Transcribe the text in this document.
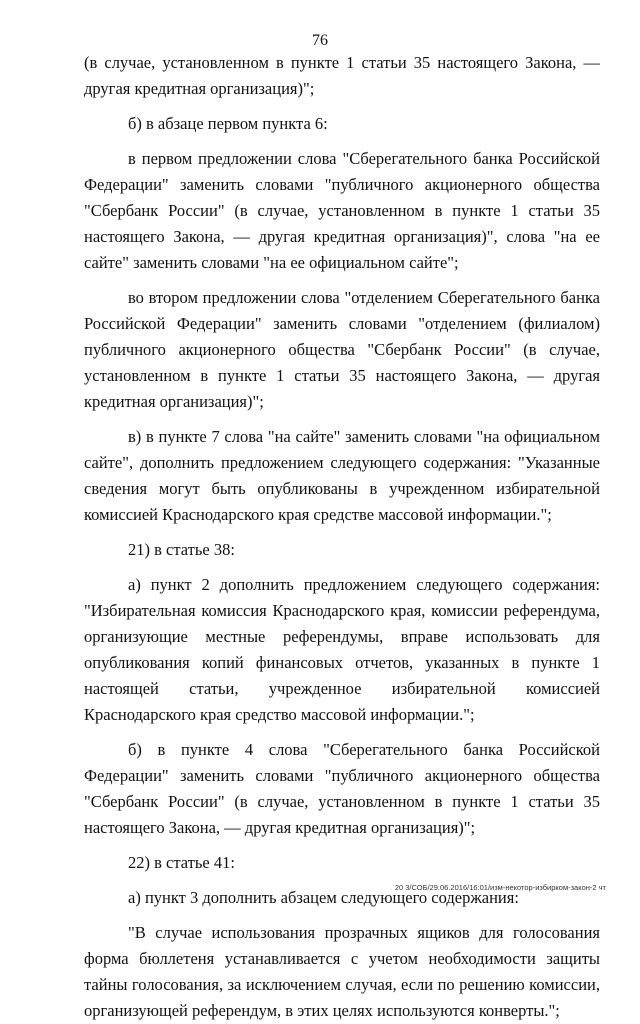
76

(в случае, установленном в пункте 1 статьи 35 настоящего Закона, — другая кредитная организация)";

б) в абзаце первом пункта 6:

в первом предложении слова "Сберегательного банка Российской Федерации" заменить словами "публичного акционерного общества "Сбербанк России" (в случае, установленном в пункте 1 статьи 35 настоящего Закона, — другая кредитная организация)", слова "на ее сайте" заменить словами "на ее официальном сайте";

во втором предложении слова "отделением Сберегательного банка Российской Федерации" заменить словами "отделением (филиалом) публичного акционерного общества "Сбербанк России" (в случае, установленном в пункте 1 статьи 35 настоящего Закона, — другая кредитная организация)";

в) в пункте 7 слова "на сайте" заменить словами "на официальном сайте", дополнить предложением следующего содержания: "Указанные сведения могут быть опубликованы в учрежденном избирательной комиссией Краснодарского края средстве массовой информации.";

21) в статье 38:

а) пункт 2 дополнить предложением следующего содержания: "Избирательная комиссия Краснодарского края, комиссии референдума, организующие местные референдумы, вправе использовать для опубликования копий финансовых отчетов, указанных в пункте 1 настоящей статьи, учрежденное избирательной комиссией Краснодарского края средство массовой информации.";

б) в пункте 4 слова "Сберегательного банка Российской Федерации" заменить словами "публичного акционерного общества "Сбербанк России" (в случае, установленном в пункте 1 статьи 35 настоящего Закона, — другая кредитная организация)";

22) в статье 41:

а) пункт 3 дополнить абзацем следующего содержания:

"В случае использования прозрачных ящиков для голосования форма бюллетеня устанавливается с учетом необходимости защиты тайны голосования, за исключением случая, если по решению комиссии, организующей референдум, в этих целях используются конверты.";

20 3/СОБ/29.06.2016/16:01/изм-некотор-избирком-закон-2 чт
